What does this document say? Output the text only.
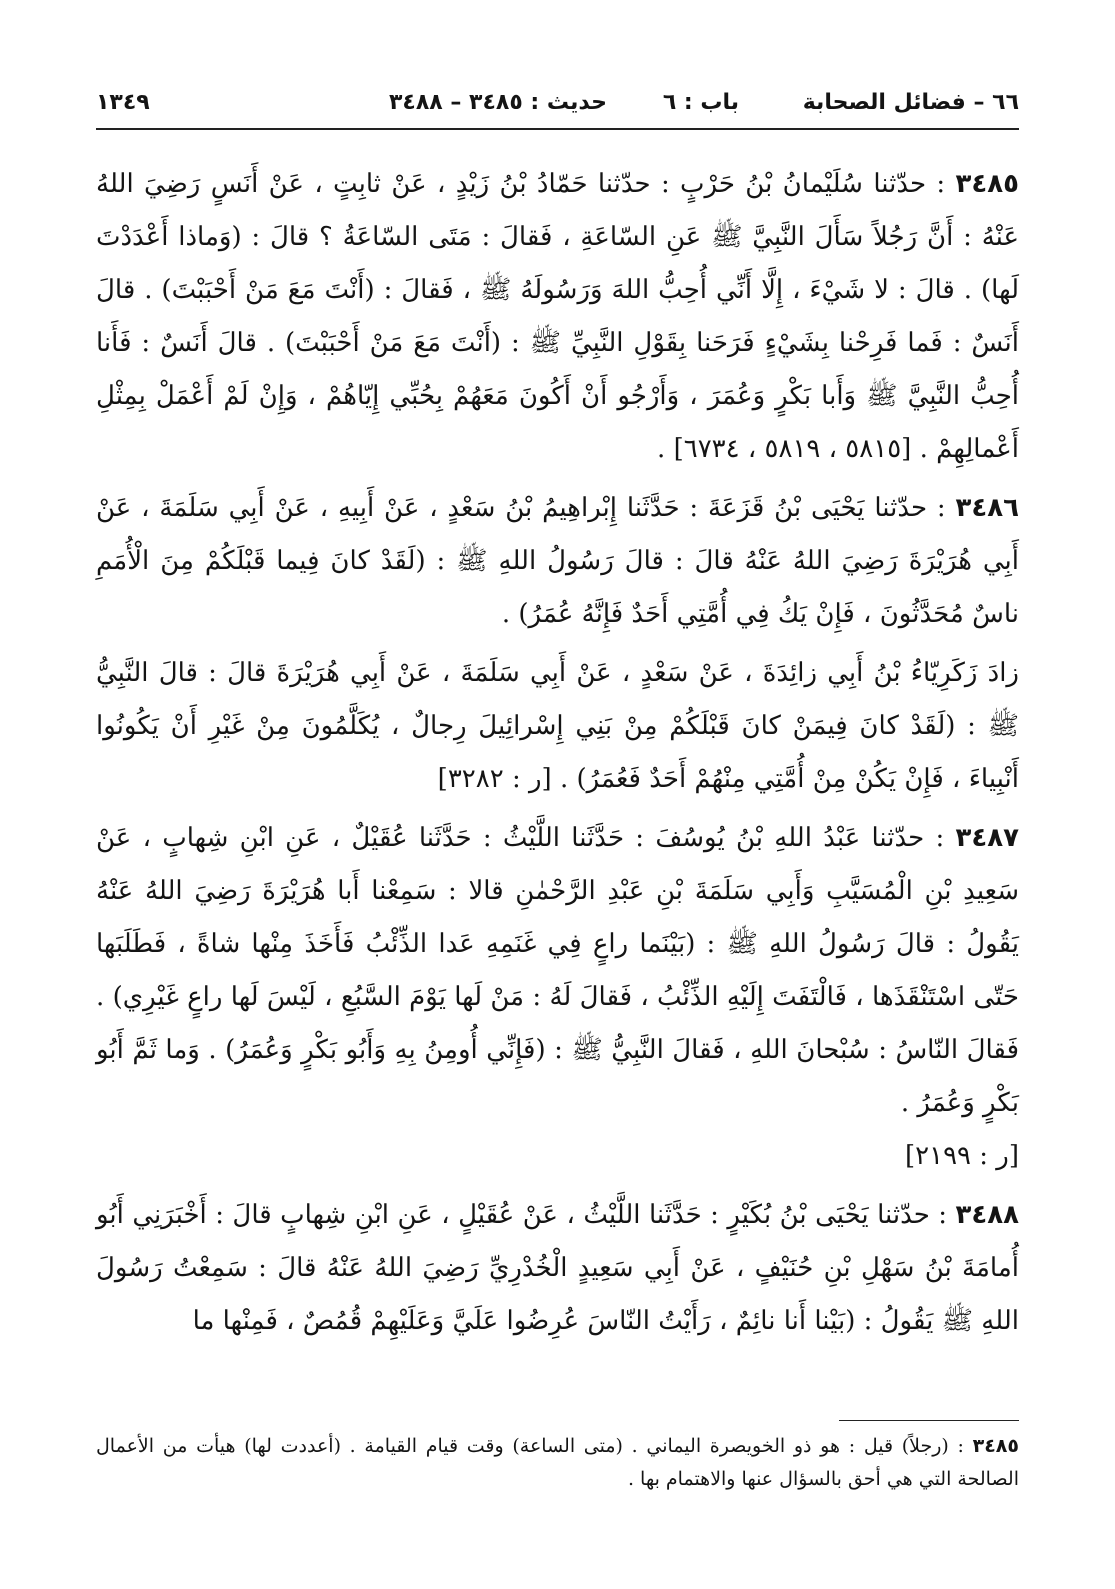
٦٦ – فضائل الصحابة
باب : ٦
حديث : ٣٤٨٥ – ٣٤٨٨
١٣٤٩

٣٤٨٥ : حدّثنا سُلَيْمانُ بْنُ حَرْبٍ : حدّثنا حَمّادُ بْنُ زَيْدٍ ، عَنْ ثابِتٍ ، عَنْ أَنَسٍ رَضِيَ اللهُ عَنْهُ : أَنَّ رَجُلاً سَأَلَ النَّبِيَّ ﷺ عَنِ السّاعَةِ ، فَقالَ : مَتَى السّاعَةُ ؟ قالَ : (وَماذا أَعْدَدْتَ لَها) . قالَ : لا شَيْءَ ، إِلَّا أَنِّي أُحِبُّ اللهَ وَرَسُولَهُ ﷺ ، فَقالَ : (أَنْتَ مَعَ مَنْ أَحْبَبْتَ) . قالَ أَنَسٌ : فَما فَرِحْنا بِشَيْءٍ فَرَحَنا بِقَوْلِ النَّبِيِّ ﷺ : (أَنْتَ مَعَ مَنْ أَحْبَبْتَ) . قالَ أَنَسٌ : فَأَنا أُحِبُّ النَّبِيَّ ﷺ وَأَبا بَكْرٍ وَعُمَرَ ، وَأَرْجُو أَنْ أَكُونَ مَعَهُمْ بِحُبِّي إِيّاهُمْ ، وَإِنْ لَمْ أَعْمَلْ بِمِثْلِ أَعْمالِهِمْ . [٥٨١٥ ، ٥٨١٩ ، ٦٧٣٤] .

٣٤٨٦ : حدّثنا يَحْيَى بْنُ قَزَعَةَ : حَدَّثَنا إِبْراهِيمُ بْنُ سَعْدٍ ، عَنْ أَبِيهِ ، عَنْ أَبِي سَلَمَةَ ، عَنْ أَبِي هُرَيْرَةَ رَضِيَ اللهُ عَنْهُ قالَ : قالَ رَسُولُ اللهِ ﷺ : (لَقَدْ كانَ فِيما قَبْلَكُمْ مِنَ الْأُمَمِ ناسٌ مُحَدَّثُونَ ، فَإِنْ يَكُ فِي أُمَّتِي أَحَدٌ فَإِنَّهُ عُمَرُ) .

زادَ زَكَرِيّاءُ بْنُ أَبِي زائِدَةَ ، عَنْ سَعْدٍ ، عَنْ أَبِي سَلَمَةَ ، عَنْ أَبِي هُرَيْرَةَ قالَ : قالَ النَّبِيُّ ﷺ : (لَقَدْ كانَ فِيمَنْ كانَ قَبْلَكُمْ مِنْ بَنِي إِسْرائِيلَ رِجالٌ ، يُكَلَّمُونَ مِنْ غَيْرِ أَنْ يَكُونُوا أَنْبِياءَ ، فَإِنْ يَكُنْ مِنْ أُمَّتِي مِنْهُمْ أَحَدٌ فَعُمَرُ) . [ر : ٣٢٨٢]

٣٤٨٧ : حدّثنا عَبْدُ اللهِ بْنُ يُوسُفَ : حَدَّثَنا اللَّيْثُ : حَدَّثَنا عُقَيْلٌ ، عَنِ ابْنِ شِهابٍ ، عَنْ سَعِيدِ بْنِ الْمُسَيَّبِ وَأَبِي سَلَمَةَ بْنِ عَبْدِ الرَّحْمٰنِ قالا : سَمِعْنا أَبا هُرَيْرَةَ رَضِيَ اللهُ عَنْهُ يَقُولُ : قالَ رَسُولُ اللهِ ﷺ : (بَيْنَما راعٍ فِي غَنَمِهِ عَدا الذِّئْبُ فَأَخَذَ مِنْها شاةً ، فَطَلَبَها حَتّى اسْتَنْقَذَها ، فَالْتَفَتَ إِلَيْهِ الذِّئْبُ ، فَقالَ لَهُ : مَنْ لَها يَوْمَ السَّبُعِ ، لَيْسَ لَها راعٍ غَيْرِي) . فَقالَ النّاسُ : سُبْحانَ اللهِ ، فَقالَ النَّبِيُّ ﷺ : (فَإِنِّي أُومِنُ بِهِ وَأَبُو بَكْرٍ وَعُمَرُ) . وَما ثَمَّ أَبُو بَكْرٍ وَعُمَرُ .
[ر : ٢١٩٩]

٣٤٨٨ : حدّثنا يَحْيَى بْنُ بُكَيْرٍ : حَدَّثَنا اللَّيْثُ ، عَنْ عُقَيْلٍ ، عَنِ ابْنِ شِهابٍ قالَ : أَخْبَرَنِي أَبُو أُمامَةَ بْنُ سَهْلِ بْنِ حُنَيْفٍ ، عَنْ أَبِي سَعِيدٍ الْخُدْرِيِّ رَضِيَ اللهُ عَنْهُ قالَ : سَمِعْتُ رَسُولَ اللهِ ﷺ يَقُولُ : (بَيْنا أَنا نائِمٌ ، رَأَيْتُ النّاسَ عُرِضُوا عَلَيَّ وَعَلَيْهِمْ قُمُصٌ ، فَمِنْها ما

٣٤٨٥ : (رجلاً) قيل : هو ذو الخويصرة اليماني . (متى الساعة) وقت قيام القيامة . (أعددت لها) هيأت من الأعمال الصالحة التي هي أحق بالسؤال عنها والاهتمام بها .
